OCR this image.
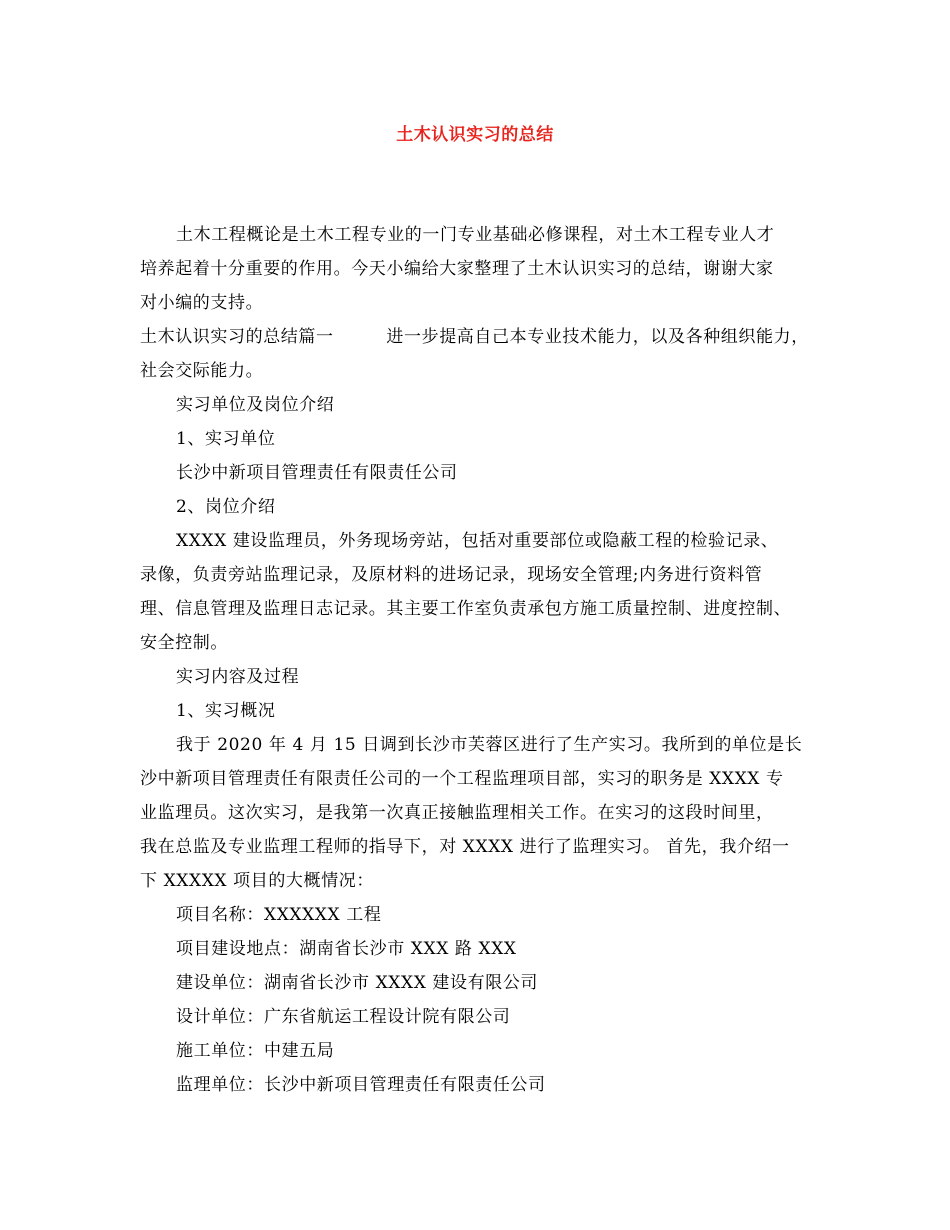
土木认识实习的总结
土木工程概论是土木工程专业的一门专业基础必修课程，对土木工程专业人才
培养起着十分重要的作用。今天小编给大家整理了土木认识实习的总结，谢谢大家
对小编的支持。
土木认识实习的总结篇一　　　进一步提高自己本专业技术能力，以及各种组织能力，
社会交际能力。
实习单位及岗位介绍
1、实习单位
长沙中新项目管理责任有限责任公司
2、岗位介绍
XXXX 建设监理员，外务现场旁站，包括对重要部位或隐蔽工程的检验记录、
录像，负责旁站监理记录，及原材料的进场记录，现场安全管理;内务进行资料管
理、信息管理及监理日志记录。其主要工作室负责承包方施工质量控制、进度控制、
安全控制。
实习内容及过程
1、实习概况
我于 2020 年 4 月 15 日调到长沙市芙蓉区进行了生产实习。我所到的单位是长
沙中新项目管理责任有限责任公司的一个工程监理项目部，实习的职务是 XXXX 专
业监理员。这次实习，是我第一次真正接触监理相关工作。在实习的这段时间里，
我在总监及专业监理工程师的指导下，对 XXXX 进行了监理实习。 首先，我介绍一
下 XXXXX 项目的大概情况：
项目名称：XXXXXX 工程
项目建设地点：湖南省长沙市 XXX 路 XXX
建设单位：湖南省长沙市 XXXX 建设有限公司
设计单位：广东省航运工程设计院有限公司
施工单位：中建五局
监理单位：长沙中新项目管理责任有限责任公司
